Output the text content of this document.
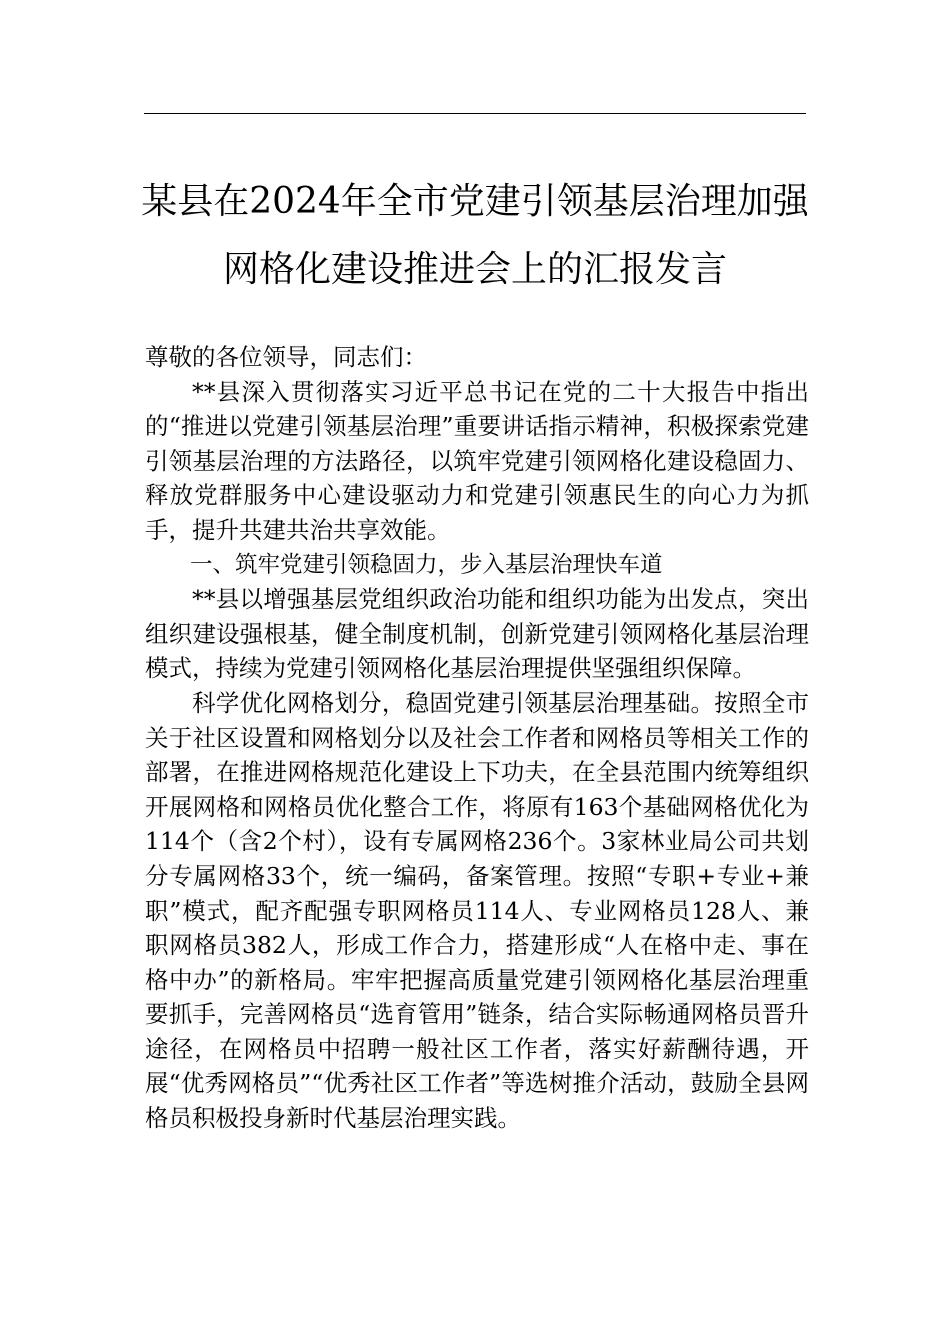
某县在2024年全市党建引领基层治理加强
网格化建设推进会上的汇报发言

尊敬的各位领导，同志们：

**县深入贯彻落实习近平总书记在党的二十大报告中指出的“推进以党建引领基层治理”重要讲话指示精神，积极探索党建引领基层治理的方法路径，以筑牢党建引领网格化建设稳固力、释放党群服务中心建设驱动力和党建引领惠民生的向心力为抓手，提升共建共治共享效能。

一、筑牢党建引领稳固力，步入基层治理快车道

**县以增强基层党组织政治功能和组织功能为出发点，突出组织建设强根基，健全制度机制，创新党建引领网格化基层治理模式，持续为党建引领网格化基层治理提供坚强组织保障。

科学优化网格划分，稳固党建引领基层治理基础。按照全市关于社区设置和网格划分以及社会工作者和网格员等相关工作的部署，在推进网格规范化建设上下功夫，在全县范围内统筹组织开展网格和网格员优化整合工作，将原有163个基础网格优化为114个（含2个村），设有专属网格236个。3家林业局公司共划分专属网格33个，统一编码，备案管理。按照“专职+专业+兼职”模式，配齐配强专职网格员114人、专业网格员128人、兼职网格员382人，形成工作合力，搭建形成“人在格中走、事在格中办”的新格局。牢牢把握高质量党建引领网格化基层治理重要抓手，完善网格员“选育管用”链条，结合实际畅通网格员晋升途径，在网格员中招聘一般社区工作者，落实好薪酬待遇，开展“优秀网格员”“优秀社区工作者”等选树推介活动，鼓励全县网格员积极投身新时代基层治理实践。
